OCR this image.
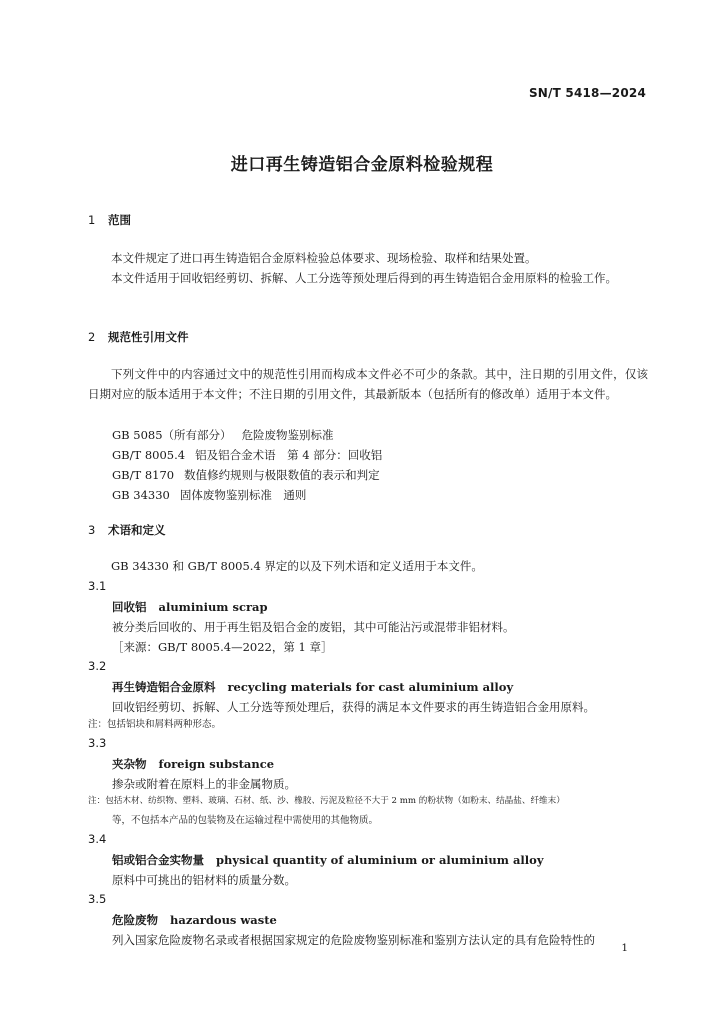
SN/T 5418—2024
进口再生铸造铝合金原料检验规程
1 范围
本文件规定了进口再生铸造铝合金原料检验总体要求、现场检验、取样和结果处置。
本文件适用于回收铝经剪切、拆解、人工分选等预处理后得到的再生铸造铝合金用原料的检验工作。
2 规范性引用文件
下列文件中的内容通过文中的规范性引用而构成本文件必不可少的条款。其中，注日期的引用文件，仅该日期对应的版本适用于本文件；不注日期的引用文件，其最新版本（包括所有的修改单）适用于本文件。
GB 5085（所有部分） 危险废物鉴别标准
GB/T 8005.4 铝及铝合金术语　第 4 部分：回收铝
GB/T 8170 数值修约规则与极限数值的表示和判定
GB 34330 固体废物鉴别标准　通则
3 术语和定义
GB 34330 和 GB/T 8005.4 界定的以及下列术语和定义适用于本文件。
3.1
回收铝 aluminium scrap
被分类后回收的、用于再生铝及铝合金的废铝，其中可能沾污或混带非铝材料。
［来源：GB/T 8005.4—2022，第 1 章］
3.2
再生铸造铝合金原料 recycling materials for cast aluminium alloy
回收铝经剪切、拆解、人工分选等预处理后，获得的满足本文件要求的再生铸造铝合金用原料。
注：包括铝块和屑料两种形态。
3.3
夹杂物 foreign substance
掺杂或附着在原料上的非金属物质。
注：包括木材、纺织物、塑料、玻璃、石材、纸、沙、橡胶、污泥及粒径不大于 2 mm 的粉状物（如粉末、结晶盐、纤维末）
等，不包括本产品的包装物及在运输过程中需使用的其他物质。
3.4
铝或铝合金实物量 physical quantity of aluminium or aluminium alloy
原料中可挑出的铝材料的质量分数。
3.5
危险废物 hazardous waste
列入国家危险废物名录或者根据国家规定的危险废物鉴别标准和鉴别方法认定的具有危险特性的
1
